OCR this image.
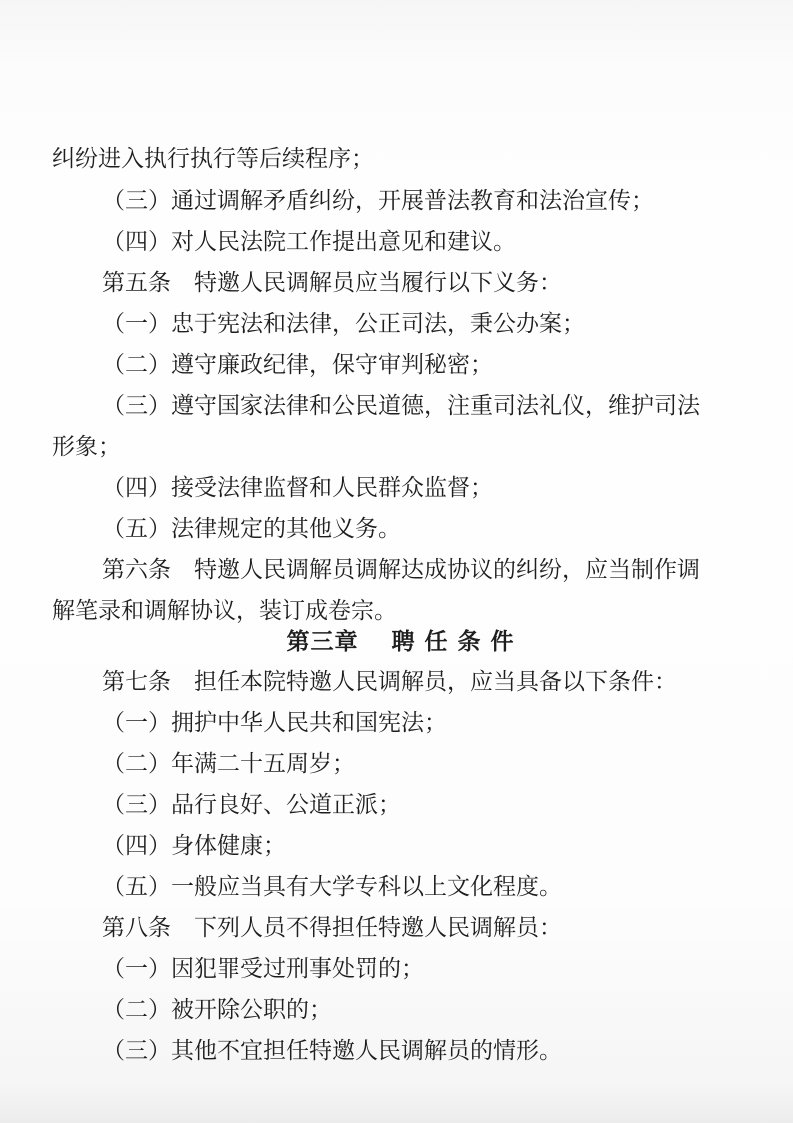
纠纷进入执行执行等后续程序；
（三）通过调解矛盾纠纷，开展普法教育和法治宣传；
（四）对人民法院工作提出意见和建议。
第五条　特邀人民调解员应当履行以下义务：
（一）忠于宪法和法律，公正司法，秉公办案；
（二）遵守廉政纪律，保守审判秘密；
（三）遵守国家法律和公民道德，注重司法礼仪，维护司法
形象；
（四）接受法律监督和人民群众监督；
（五）法律规定的其他义务。
第六条　特邀人民调解员调解达成协议的纠纷，应当制作调
解笔录和调解协议，装订成卷宗。
第三章　 聘 任 条 件
第七条　担任本院特邀人民调解员，应当具备以下条件：
（一）拥护中华人民共和国宪法；
（二）年满二十五周岁；
（三）品行良好、公道正派；
（四）身体健康；
（五）一般应当具有大学专科以上文化程度。
第八条　下列人员不得担任特邀人民调解员：
（一）因犯罪受过刑事处罚的；
（二）被开除公职的；
（三）其他不宜担任特邀人民调解员的情形。
